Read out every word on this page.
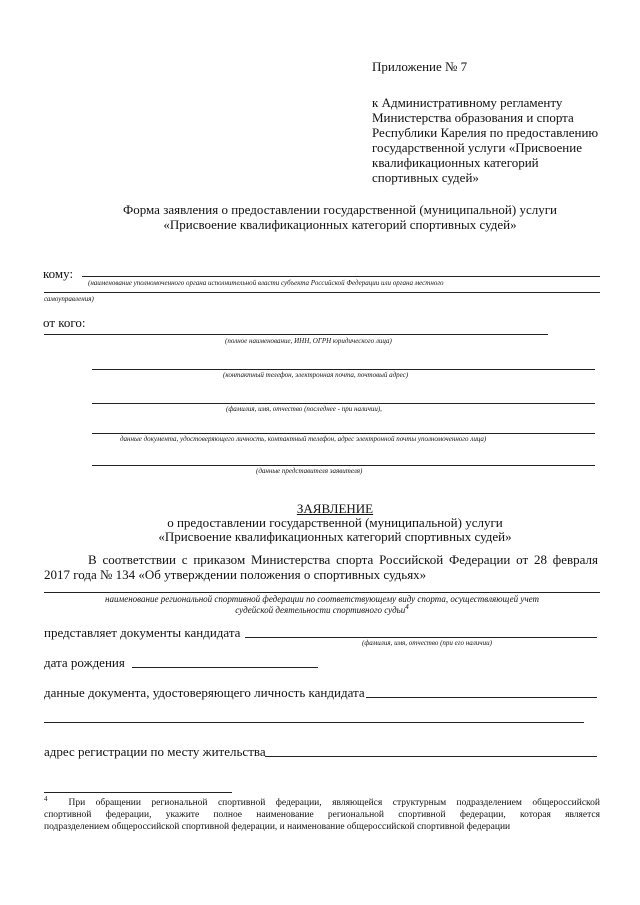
Приложение № 7
к Административному регламенту
Министерства образования и спорта
Республики Карелия по предоставлению
государственной услуги «Присвоение
квалификационных категорий
спортивных судей»
Форма заявления о предоставлении государственной (муниципальной) услуги
«Присвоение квалификационных категорий спортивных судей»
кому:
(наименование уполномоченного органа исполнительной власти субъекта Российской Федерации или органа местного
самоуправления)
от кого:
(полное наименование, ИНН, ОГРН юридического лица)
(контактный телефон, электронная почта, почтовый адрес)
(фамилия, имя, отчество (последнее - при наличии),
данные документа, удостоверяющего личность, контактный телефон, адрес электронной почты уполномоченного лица)
(данные представителя заявителя)
ЗАЯВЛЕНИЕ
о предоставлении государственной (муниципальной) услуги
«Присвоение квалификационных категорий спортивных судей»
В соответствии с приказом Министерства спорта Российской Федерации от 28 февраля
2017 года № 134 «Об утверждении положения о спортивных судьях»
наименование региональной спортивной федерации по соответствующему виду спорта, осуществляющей учет
судейской деятельности спортивного судьи$^4$
представляет документы кандидата
(фамилия, имя, отчество (при его наличии)
дата рождения
данные документа, удостоверяющего личность кандидата
адрес регистрации по месту жительства
$^4$ При обращении региональной спортивной федерации, являющейся структурным подразделением общероссийской
спортивной федерации, укажите полное наименование региональной спортивной федерации, которая является
подразделением общероссийской спортивной федерации, и наименование общероссийской спортивной федерации
